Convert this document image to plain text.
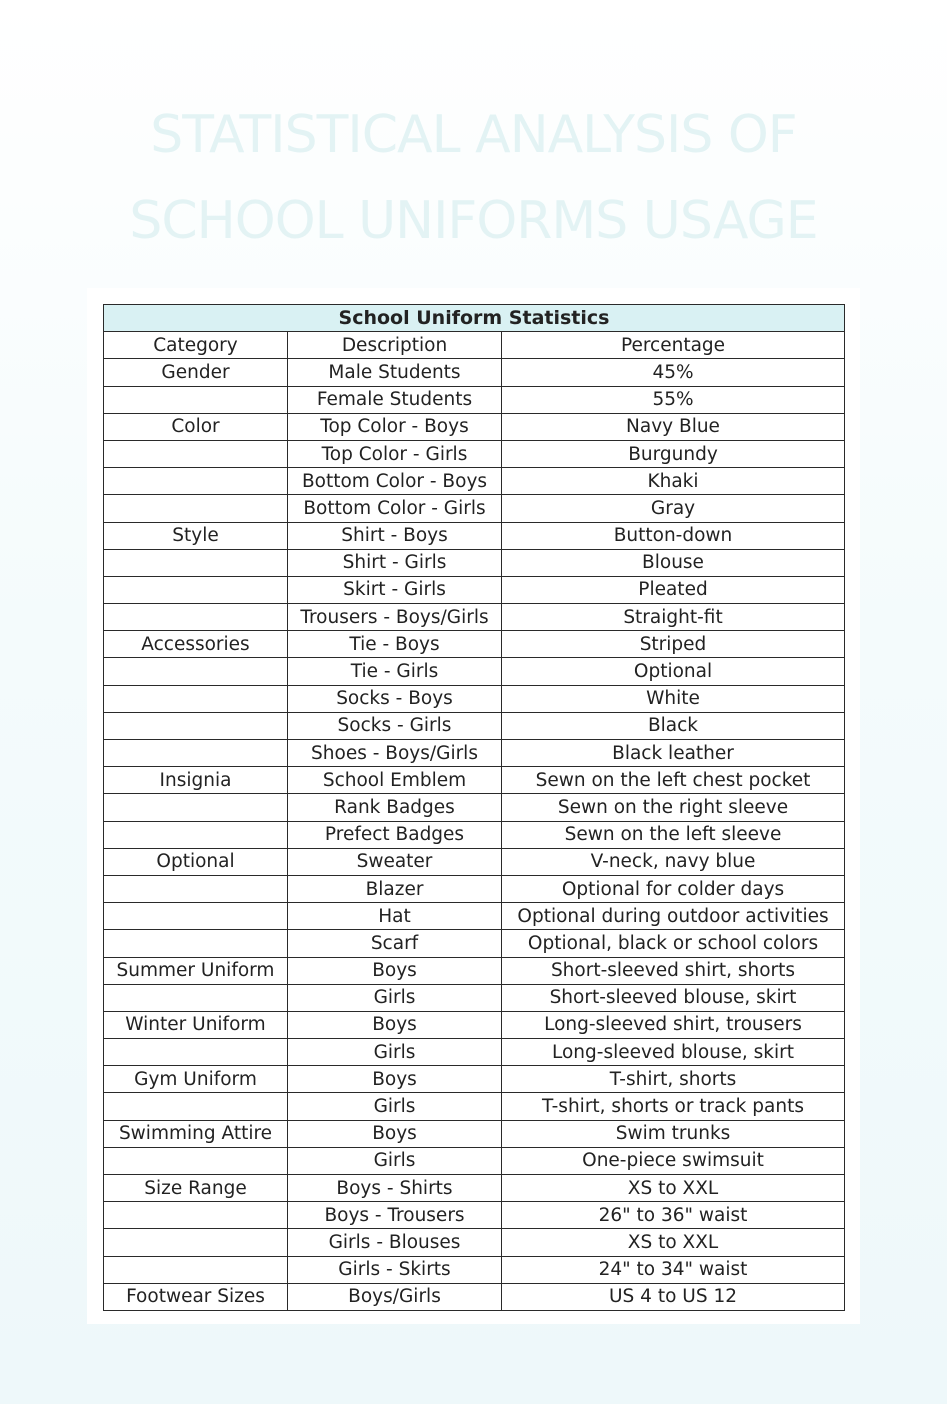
STATISTICAL ANALYSIS OF
SCHOOL UNIFORMS USAGE
School Uniform Statistics		
Category	Description	Percentage
Gender	Male Students	45%
	Female Students	55%
Color	Top Color - Boys	Navy Blue
	Top Color - Girls	Burgundy
	Bottom Color - Boys	Khaki
	Bottom Color - Girls	Gray
Style	Shirt - Boys	Button-down
	Shirt - Girls	Blouse
	Skirt - Girls	Pleated
	Trousers - Boys/Girls	Straight-fit
Accessories	Tie - Boys	Striped
	Tie - Girls	Optional
	Socks - Boys	White
	Socks - Girls	Black
	Shoes - Boys/Girls	Black leather
Insignia	School Emblem	Sewn on the left chest pocket
	Rank Badges	Sewn on the right sleeve
	Prefect Badges	Sewn on the left sleeve
Optional	Sweater	V-neck, navy blue
	Blazer	Optional for colder days
	Hat	Optional during outdoor activities
	Scarf	Optional, black or school colors
Summer Uniform	Boys	Short-sleeved shirt, shorts
	Girls	Short-sleeved blouse, skirt
Winter Uniform	Boys	Long-sleeved shirt, trousers
	Girls	Long-sleeved blouse, skirt
Gym Uniform	Boys	T-shirt, shorts
	Girls	T-shirt, shorts or track pants
Swimming Attire	Boys	Swim trunks
	Girls	One-piece swimsuit
Size Range	Boys - Shirts	XS to XXL
	Boys - Trousers	26" to 36" waist
	Girls - Blouses	XS to XXL
	Girls - Skirts	24" to 34" waist
Footwear Sizes	Boys/Girls	US 4 to US 12
